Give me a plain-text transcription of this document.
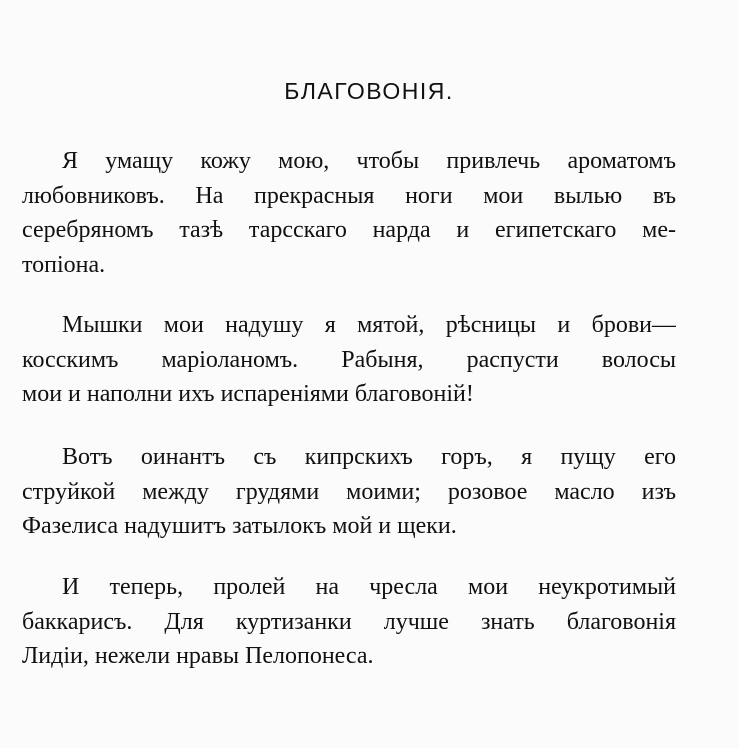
БЛАГОВОНІЯ.

Я умащу кожу мою, чтобы привлечь ароматомъ
любовниковъ. На прекрасныя ноги мои вылью въ
серебряномъ тазѣ тарсскаго нарда и египетскаго ме-
топіона.

Мышки мои надушу я мятой, рѣсницы и брови—
косскимъ маріоланомъ. Рабыня, распусти волосы
мои и наполни ихъ испареніями благовоній!

Вотъ оинантъ съ кипрскихъ горъ, я пущу его
струйкой между грудями моими; розовое масло изъ
Фазелиса надушитъ затылокъ мой и щеки.

И теперь, пролей на чресла мои неукротимый
баккарисъ. Для куртизанки лучше знать благовонія
Лидіи, нежели нравы Пелопонеса.
